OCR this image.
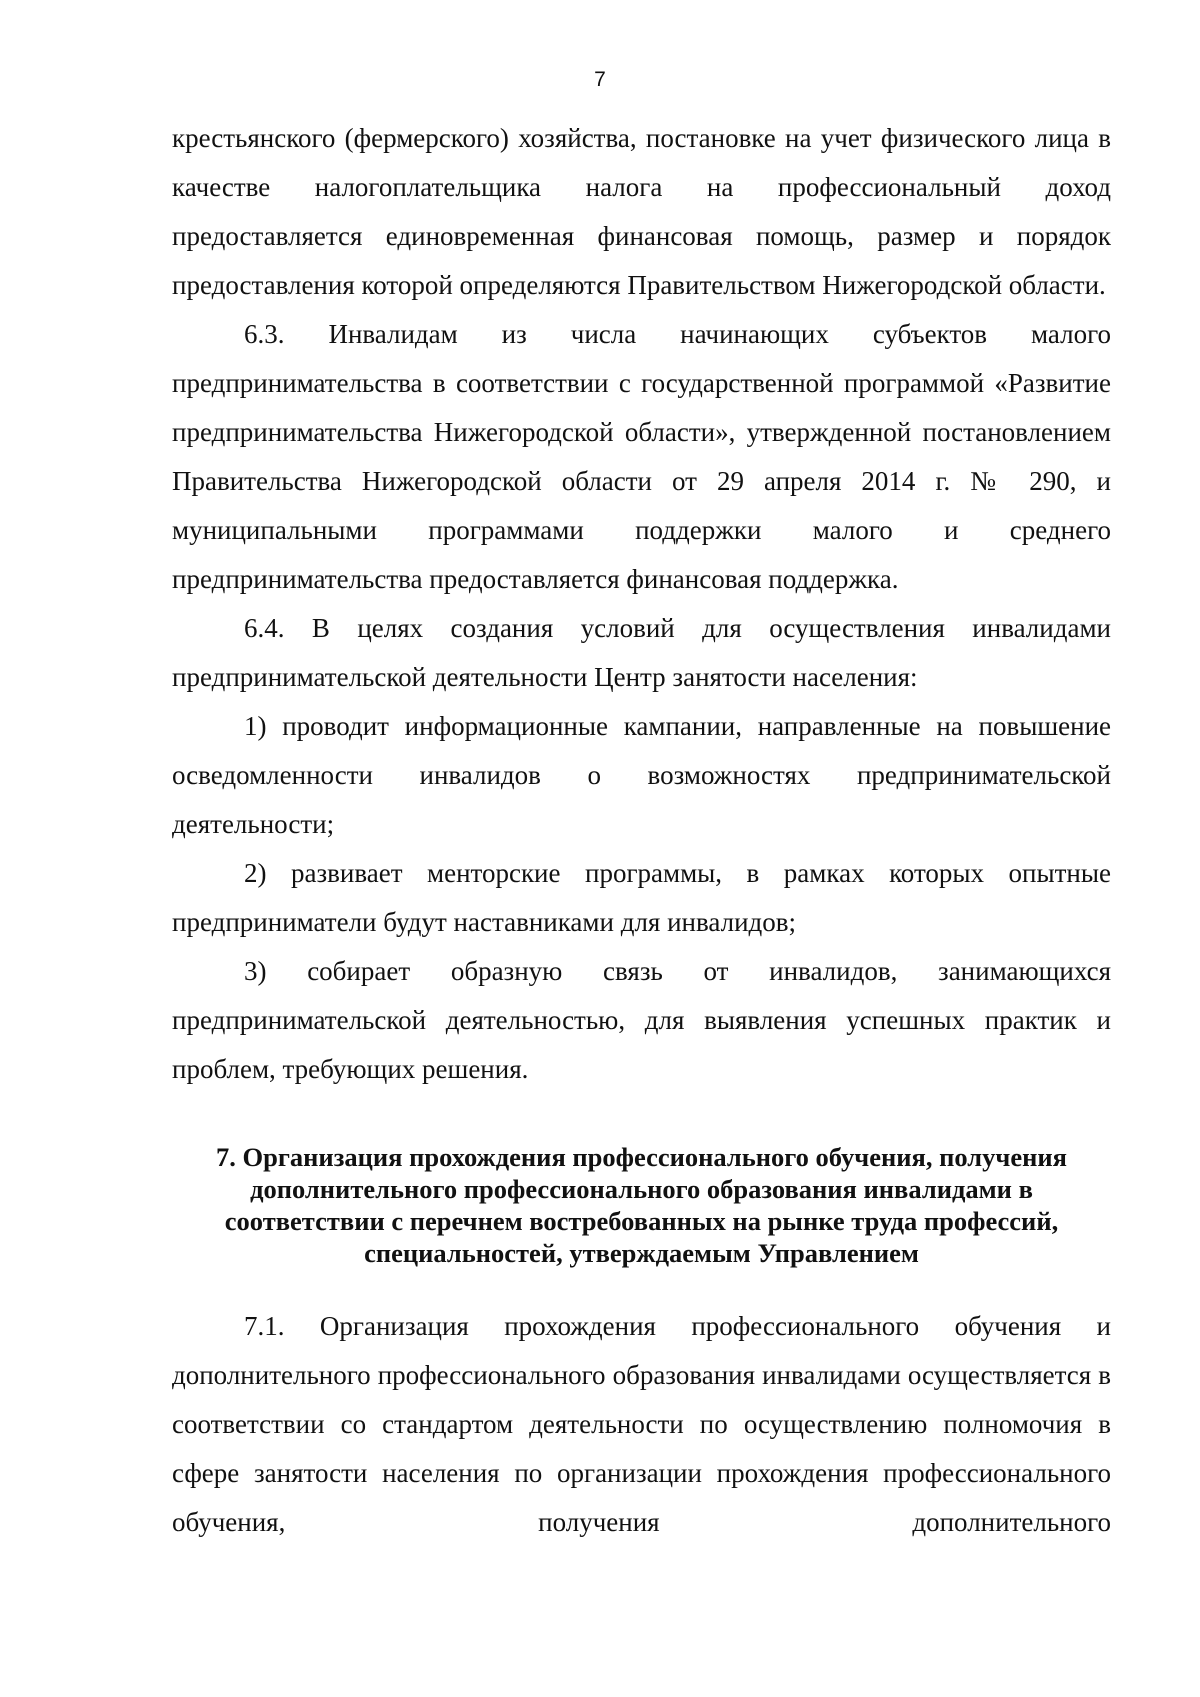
7

крестьянского (фермерского) хозяйства, постановке на учет физического лица в качестве налогоплательщика налога на профессиональный доход предоставляется единовременная финансовая помощь, размер и порядок предоставления которой определяются Правительством Нижегородской области.

6.3. Инвалидам из числа начинающих субъектов малого предпринимательства в соответствии с государственной программой «Развитие предпринимательства Нижегородской области», утвержденной постановлением Правительства Нижегородской области от 29 апреля 2014 г. № 290, и муниципальными программами поддержки малого и среднего предпринимательства предоставляется финансовая поддержка.

6.4. В целях создания условий для осуществления инвалидами предпринимательской деятельности Центр занятости населения:

1) проводит информационные кампании, направленные на повышение осведомленности инвалидов о возможностях предпринимательской деятельности;

2) развивает менторские программы, в рамках которых опытные предприниматели будут наставниками для инвалидов;

3) собирает образную связь от инвалидов, занимающихся предпринимательской деятельностью, для выявления успешных практик и проблем, требующих решения.

7. Организация прохождения профессионального обучения, получения
дополнительного профессионального образования инвалидами в
соответствии с перечнем востребованных на рынке труда профессий,
специальностей, утверждаемым Управлением

7.1. Организация прохождения профессионального обучения и дополнительного профессионального образования инвалидами осуществляется в соответствии со стандартом деятельности по осуществлению полномочия в сфере занятости населения по организации прохождения профессионального обучения, получения дополнительного
